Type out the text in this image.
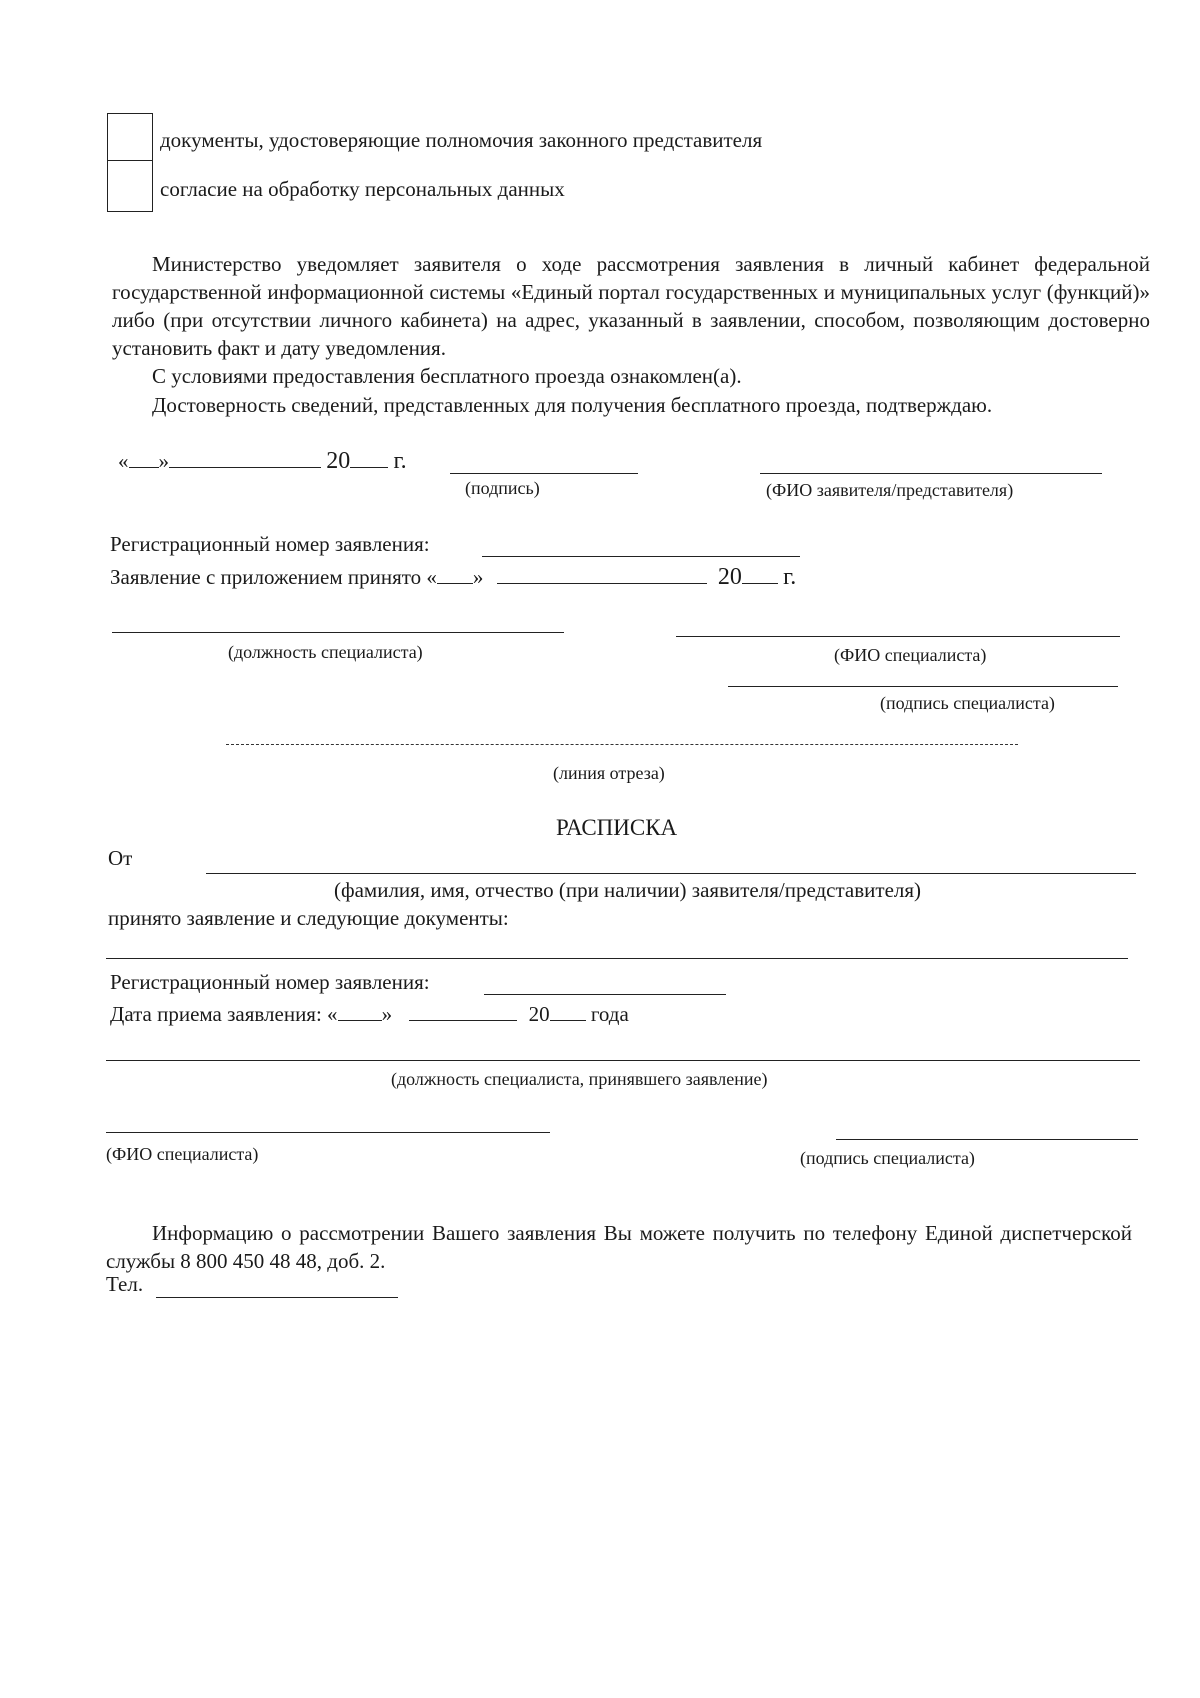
документы, удостоверяющие полномочия законного представителя
согласие на обработку персональных данных
Министерство уведомляет заявителя о ходе рассмотрения заявления в личный кабинет федеральной государственной информационной системы «Единый портал государственных и муниципальных услуг (функций)» либо (при отсутствии личного кабинета) на адрес, указанный в заявлении, способом, позволяющим достоверно установить факт и дату уведомления.
С условиями предоставления бесплатного проезда ознакомлен(а).
Достоверность сведений, представленных для получения бесплатного проезда, подтверждаю.
« »	20 г.
(подпись)	(ФИО заявителя/представителя)
Регистрационный номер заявления:
Заявление с приложением принято « »	20 г.
(должность специалиста)	(ФИО специалиста)
(подпись специалиста)
(линия отреза)
РАСПИСКА
От
(фамилия, имя, отчество (при наличии) заявителя/представителя)
принято заявление и следующие документы:
Регистрационный номер заявления:
Дата приема заявления: « »	20 года
(должность специалиста, принявшего заявление)
(ФИО специалиста)	(подпись специалиста)
Информацию о рассмотрении Вашего заявления Вы можете получить по телефону Единой диспетчерской службы 8 800 450 48 48, доб. 2.
Тел.
